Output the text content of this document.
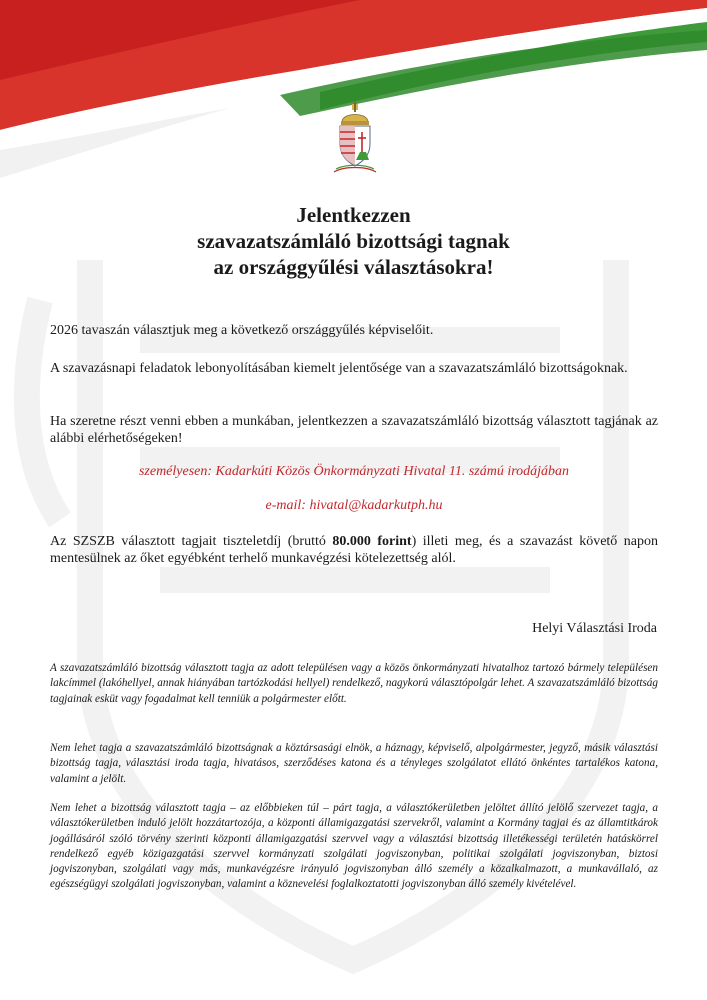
Jelentkezzen
szavazatszámláló bizottsági tagnak
az országgyűlési választásokra!

2026 tavaszán választjuk meg a következő országgyűlés képviselőit.

A szavazásnapi feladatok lebonyolításában kiemelt jelentősége van a szavazatszámláló bizottságoknak.

Ha szeretne részt venni ebben a munkában, jelentkezzen a szavazatszámláló bizottság választott tagjának az alábbi elérhetőségeken!

személyesen: Kadarkúti Közös Önkormányzati Hivatal 11. számú irodájában

e-mail: hivatal@kadarkutph.hu

Az SZSZB választott tagjait tiszteletdíj (bruttó 80.000 forint) illeti meg, és a szavazást követő napon mentesülnek az őket egyébként terhelő munkavégzési kötelezettség alól.

Helyi Választási Iroda

A szavazatszámláló bizottság választott tagja az adott településen vagy a közös önkormányzati hivatalhoz tartozó bármely településen lakcímmel (lakóhellyel, annak hiányában tartózkodási hellyel) rendelkező, nagykorú választópolgár lehet. A szavazatszámláló bizottság tagjainak esküt vagy fogadalmat kell tenniük a polgármester előtt.

Nem lehet tagja a szavazatszámláló bizottságnak a köztársasági elnök, a háznagy, képviselő, alpolgármester, jegyző, másik választási bizottság tagja, választási iroda tagja, hivatásos, szerződéses katona és a tényleges szolgálatot ellátó önkéntes tartalékos katona, valamint a jelölt.

Nem lehet a bizottság választott tagja – az előbbieken túl – párt tagja, a választókerületben jelöltet állító jelölő szervezet tagja, a választókerületben induló jelölt hozzátartozója, a központi államigazgatási szervekről, valamint a Kormány tagjai és az államtitkárok jogállásáról szóló törvény szerinti központi államigazgatási szervvel vagy a választási bizottság illetékességi területén hatáskörrel rendelkező egyéb közigazgatási szervvel kormányzati szolgálati jogviszonyban, politikai szolgálati jogviszonyban, biztosi jogviszonyban, szolgálati vagy más, munkavégzésre irányuló jogviszonyban álló személy a közalkalmazott, a munkavállaló, az egészségügyi szolgálati jogviszonyban, valamint a köznevelési foglalkoztatotti jogviszonyban álló személy kivételével.
